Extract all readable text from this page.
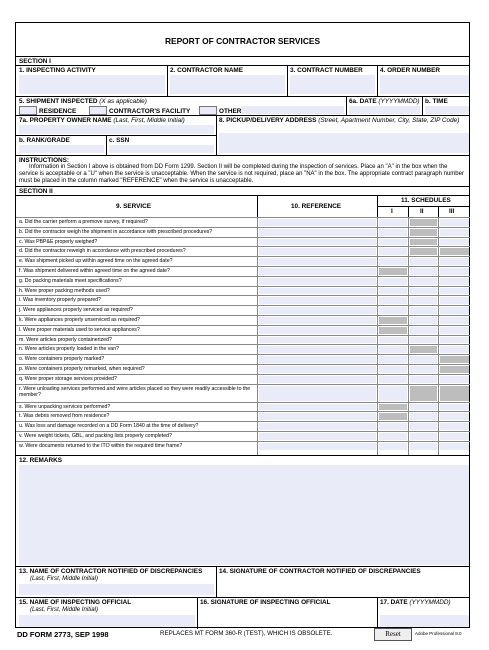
REPORT OF CONTRACTOR SERVICES
SECTION I
1. INSPECTING ACTIVITY	2. CONTRACTOR NAME	3. CONTRACT NUMBER	4. ORDER NUMBER
5. SHIPMENT INSPECTED (X as applicable)
RESIDENCE	CONTRACTOR'S FACILITY	OTHER
6a. DATE (YYYYMMDD) b. TIME
7a. PROPERTY OWNER NAME (Last, First, Middle Initial)	8. PICKUP/DELIVERY ADDRESS (Street, Apartment Number, City, State, ZIP Code)
b. RANK/GRADE	c. SSN
INSTRUCTIONS:
Information in Section I above is obtained from DD Form 1299. Section II will be completed during the inspection of services. Place an "A" in the box when the service is acceptable or a "U" when the service is unacceptable. When the service is not required, place an "NA" in the box. The appropriate contract paragraph number must be placed in the column marked "REFERENCE" when the service is unacceptable.
SECTION II
9. SERVICE	10. REFERENCE
11. SCHEDULES
I	II	III
a. Did the carrier perform a premove survey, if required?
b. Did the contractor weigh the shipment in accordance with prescribed procedures?
c. Was PBP&E properly weighed?
d. Did the contractor reweigh in accordance with prescribed procedures?
e. Was shipment picked up within agreed time on the agreed date?
f. Was shipment delivered within agreed time on the agreed date?
g. Do packing materials meet specifications?
h. Were proper packing methods used?
i. Was inventory properly prepared?
j. Were appliances properly serviced as required?
k. Were appliances properly unserviced as required?
l. Were proper materials used to service appliances?
m. Were articles properly containerized?
n. Were articles properly loaded in the van?
o. Were containers properly marked?
p. Were containers properly remarked, when required?
q. Were proper storage services provided?
r. Were unloading services performed and were articles placed so they were readily accessible to the member?
s. Were unpacking services performed?
t. Was debris removed from residence?
u. Was loss and damage recorded on a DD Form 1840 at the time of delivery?
v. Were weight tickets, GBL, and packing lists properly completed?
w. Were documents returned to the ITO within the required time frame?
12. REMARKS
13. NAME OF CONTRACTOR NOTIFIED OF DISCREPANCIES
(Last, First, Middle Initial)
14. SIGNATURE OF CONTRACTOR NOTIFIED OF DISCREPANCIES
15. NAME OF INSPECTING OFFICIAL
(Last, First, Middle Initial)
16. SIGNATURE OF INSPECTING OFFICIAL	17. DATE (YYYYMMDD)
DD FORM 2773, SEP 1998	REPLACES MT FORM 360-R (TEST), WHICH IS OBSOLETE.	Reset	Adobe Professional 8.0
